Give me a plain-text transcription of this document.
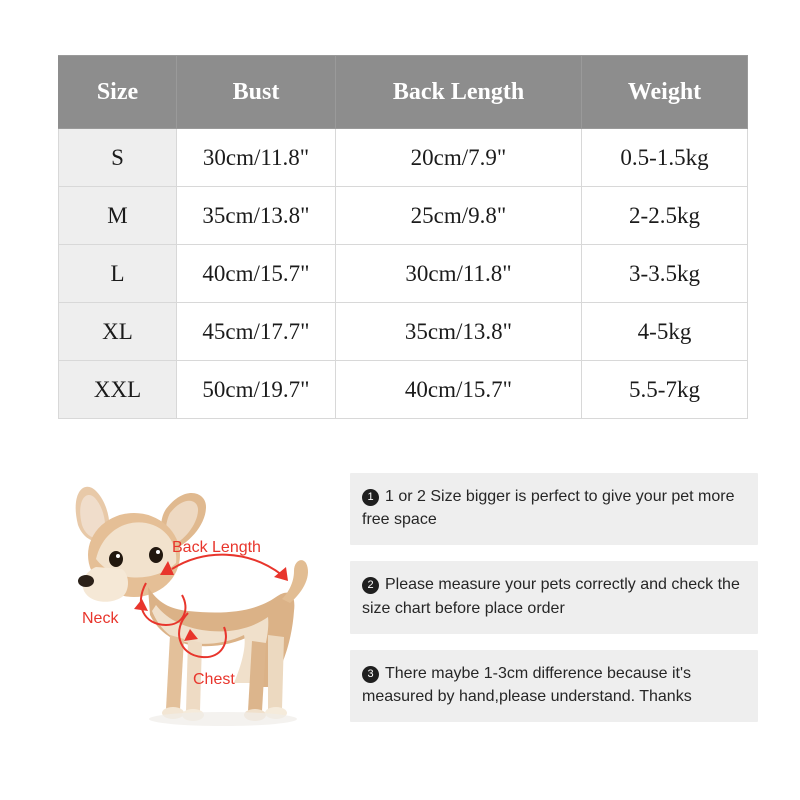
Size	Bust	Back Length	Weight
S	30cm/11.8"	20cm/7.9"	0.5-1.5kg
M	35cm/13.8"	25cm/9.8"	2-2.5kg
L	40cm/15.7"	30cm/11.8"	3-3.5kg
XL	45cm/17.7"	35cm/13.8"	4-5kg
XXL	50cm/19.7"	40cm/15.7"	5.5-7kg
Back Length
Neck
Chest
1 1 or 2 Size bigger is perfect to give your pet more free space
2 Please measure your pets correctly and check the size chart before place order
3 There maybe 1-3cm difference because it's measured by hand,please understand. Thanks
